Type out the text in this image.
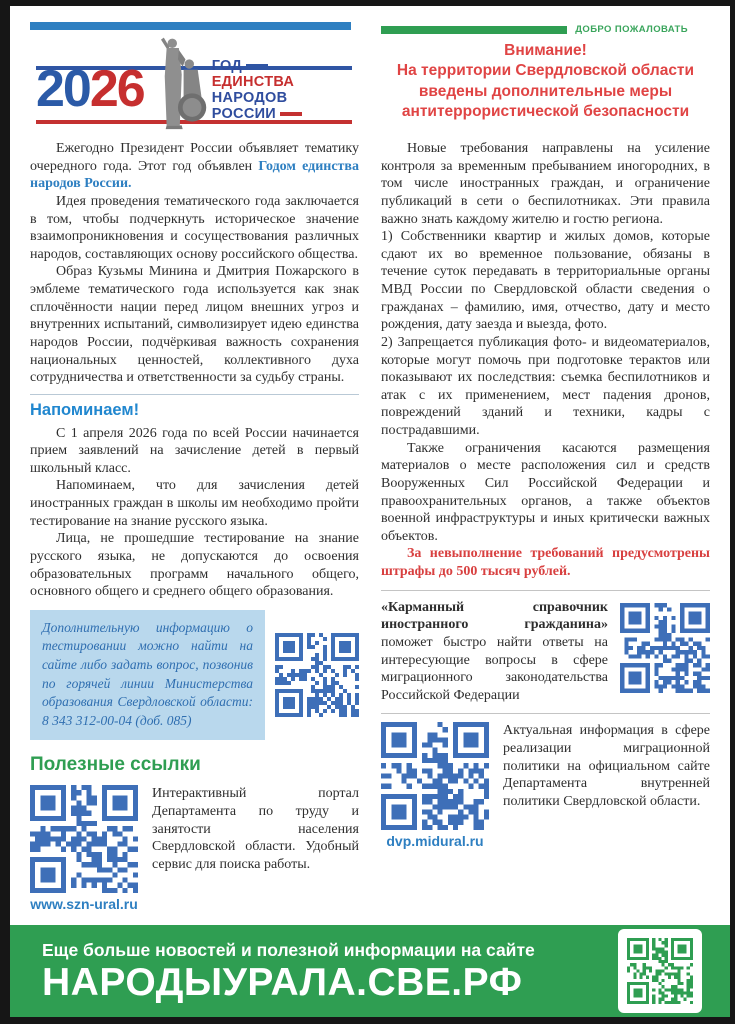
2026	ГОД
ЕДИНСТВА
НАРОДОВ
РОССИИ
ДОБРО ПОЖАЛОВАТЬ
Внимание!
На территории Свердловской области введены дополнительные меры антитеррористической безопасности

Ежегодно Президент России объявляет тематику очередного года. Этот год объявлен Годом единства народов России.

Идея проведения тематического года заключается в том, чтобы подчеркнуть историческое значение взаимопроникновения и сосуществования различных народов, составляющих основу российского общества.

Образ Кузьмы Минина и Дмитрия Пожарского в эмблеме тематического года используется как знак сплочённости нации перед лицом внешних угроз и внутренних испытаний, символизирует идею единства народов России, подчёркивая важность сохранения национальных ценностей, коллективного духа сотрудничества и ответственности за судьбу страны.

Напоминаем!

С 1 апреля 2026 года по всей России начинается прием заявлений на зачисление детей в первый школьный класс.

Напоминаем, что для зачисления детей иностранных граждан в школы им необходимо пройти тестирование на знание русского языка.

Лица, не прошедшие тестирование на знание русского языка, не допускаются до освоения образовательных программ начального общего, основного общего и среднего общего образования.

Дополнительную информацию о тестировании можно найти на сайте либо задать вопрос, позвонив по горячей линии Министерства образования Свердловской области: 8 343 312-00-04 (доб. 085)
Полезные ссылки
www.szn-ural.ru

Интерактивный портал Департамента по труду и занятости населения Свердловской области. Удобный сервис для поиска работы.

Новые требования направлены на усиление контроля за временным пребыванием иногородних, в том числе иностранных граждан, и ограничение публикаций в сети о беспилотниках. Эти правила важно знать каждому жителю и гостю региона.

1) Собственники квартир и жилых домов, которые сдают их во временное пользование, обязаны в течение суток передавать в территориальные органы МВД России по Свердловской области сведения о гражданах – фамилию, имя, отчество, дату и место рождения, дату заезда и выезда, фото.

2) Запрещается публикация фото- и видеоматериалов, которые могут помочь при подготовке терактов или показывают их последствия: съемка беспилотников и атак с их применением, мест падения дронов, повреждений зданий и техники, кадры с пострадавшими.

Также ограничения касаются размещения материалов о месте расположения сил и средств Вооруженных Сил Российской Федерации и правоохранительных органов, а также объектов военной инфраструктуры и иных критически важных объектов.

За невыполнение требований предусмотрены штрафы до 500 тысяч рублей.

«Карманный справочник иностранного гражданина» поможет быстро найти ответы на интересующие вопросы в сфере миграционного законодательства Российской Федерации

dvp.midural.ru

Актуальная информация в сфере реализации миграционной политики на официальном сайте Департамента внутренней политики Свердловской области.

Еще больше новостей и полезной информации на сайте

НАРОДЫУРАЛА.СВЕ.РФ
